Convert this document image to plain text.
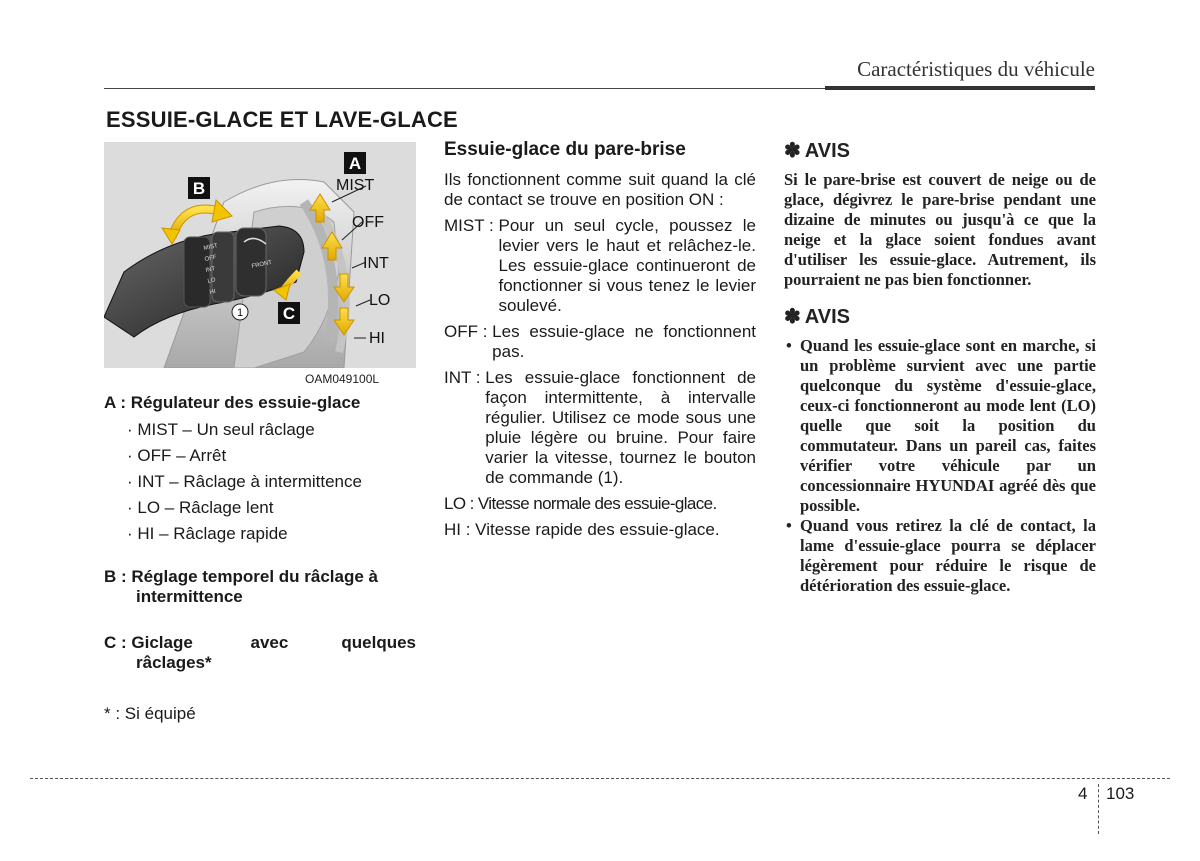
Caractéristiques du véhicule
ESSUIE-GLACE ET LAVE-GLACE
MIST
OFF
INT
LO
HI
FRONT
1
MIST
OFF
INT
LO
HI
A
B
C
OAM049100L
A : Régulateur des essuie-glace
· MIST – Un seul râclage
· OFF – Arrêt
· INT – Râclage à intermittence
· LO – Râclage lent
· HI – Râclage rapide
B : Réglage temporel du râclage à intermittence
C : Giclage	avec	quelques
râclages*
* : Si équipé
Essuie-glace du pare-brise

Ils fonctionnent comme suit quand la clé de contact se trouve en position ON :

MIST : Pour un seul cycle, poussez le levier vers le haut et relâchez-le. Les essuie-glace continueront de fonctionner si vous tenez le levier soulevé.
OFF : Les essuie-glace ne fonctionnent pas.
INT : Les essuie-glace fonctionnent de façon intermittente, à intervalle régulier. Utilisez ce mode sous une pluie légère ou bruine. Pour faire varier la vitesse, tournez le bouton de commande (1).
LO : Vitesse normale des essuie-glace.
HI : Vitesse rapide des essuie-glace.
✽ AVIS

Si le pare-brise est couvert de neige ou de glace, dégivrez le pare-brise pendant une dizaine de minutes ou jusqu'à ce que la neige et la glace soient fondues avant d'utiliser les essuie-glace. Autrement, ils pourraient ne pas bien fonctionner.

✽ AVIS
• Quand les essuie-glace sont en marche, si un problème survient avec une partie quelconque du système d'essuie-glace, ceux-ci fonctionneront au mode lent (LO) quelle que soit la position du commutateur. Dans un pareil cas, faites vérifier votre véhicule par un concessionnaire HYUNDAI agréé dès que possible.
• Quand vous retirez la clé de contact, la lame d'essuie-glace pourra se déplacer légèrement pour réduire le risque de détérioration des essuie-glace.
4 103
